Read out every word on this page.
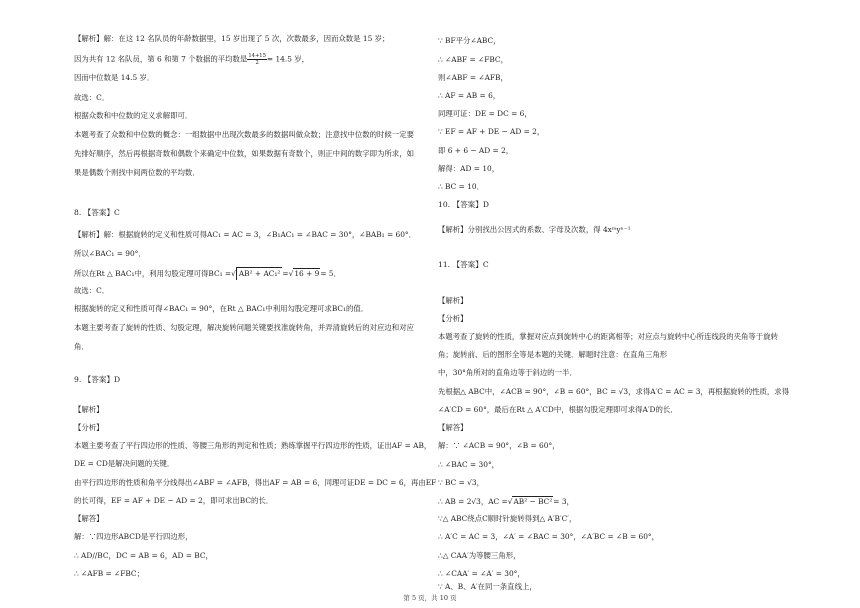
【解析】解：在这 12 名队员的年龄数据里，15 岁出现了 5 次，次数最多，因而众数是 15 岁；
因为共有 12 名队员，第 6 和第 7 个数据的平均数是 $\frac{14+15}{2} = 14.5$ 岁，
因而中位数是 14.5 岁．
故选：C．
根据众数和中位数的定义求解即可．
本题考查了众数和中位数的概念：一组数据中出现次数最多的数据叫做众数；注意找中位数的时候一定要
先排好顺序，然后再根据奇数和偶数个来确定中位数，如果数据有奇数个，则正中间的数字即为所求，如
果是偶数个则找中间两位数的平均数．
8. 【答案】C
【解析】解：根据旋转的定义和性质可得AC₁ = AC = 3，∠B₁AC₁ = ∠BAC = 30°，∠BAB₁ = 60°．
所以∠BAC₁ = 90°．
所以在Rt △ BAC₁中，利用勾股定理可得BC₁ =√ AB² + AC₁² =√16 + 9= 5．
故选：C．
根据旋转的定义和性质可得∠BAC₁ = 90°，在Rt △ BAC₁中利用勾股定理可求BC₁的值．
本题主要考查了旋转的性质、勾股定理，解决旋转问题关键要找准旋转角，并弄清旋转后的对应边和对应
角．
9. 【答案】D
【解析】
【分析】
本题主要考查了平行四边形的性质、等腰三角形的判定和性质；熟练掌握平行四边形的性质，证出AF = AB，
DE = CD是解决问题的关键．
由平行四边形的性质和角平分线得出∠ABF = ∠AFB，得出AF = AB = 6，同理可证DE = DC = 6，再由EF
的长可得，EF = AF + DE − AD = 2，即可求出BC的长．
【解答】
解：∵四边形ABCD是平行四边形，
∴ AD//BC，DC = AB = 6，AD = BC，
∴ ∠AFB = ∠FBC；
∵ BF平分∠ABC，
∴ ∠ABF = ∠FBC，
则∠ABF = ∠AFB，
∴ AF = AB = 6，
同理可证：DE = DC = 6，
∵ EF = AF + DE − AD = 2，
即 6 + 6 − AD = 2，
解得：AD = 10，
∴ BC = 10．
10. 【答案】D
【解析】分别找出公因式的系数、字母及次数，得 4xᵐyⁿ⁻¹
11. 【答案】C
【解析】
【分析】
本题考查了旋转的性质，掌握对应点到旋转中心的距离相等；对应点与旋转中心所连线段的夹角等于旋转
角；旋转前、后的图形全等是本题的关键．解题时注意：在直角三角形
中，30°角所对的直角边等于斜边的一半．
先根据△ ABC中，∠ACB = 90°，∠B = 60°，BC = √3，求得A′C = AC = 3，再根据旋转的性质，求得
∠A′CD = 60°，最后在Rt △ A′CD中，根据勾股定理即可求得A′D的长．
【解答】
解：∵ ∠ACB = 90°，∠B = 60°，
∴ ∠BAC = 30°，
∵ BC = √3，
∴ AB = 2√3，AC =√AB² − BC²= 3，
∵△ ABC绕点C顺时针旋转得到△ A′B′C′，
∴ A′C = AC = 3，∠A′ = ∠BAC = 30°，∠A′BC = ∠B = 60°，
∴△ CAA′为等腰三角形，
∴ ∠CAA′ = ∠A′ = 30°，
∵ A、B、A′在同一条直线上，
第 5 页，共 10 页
